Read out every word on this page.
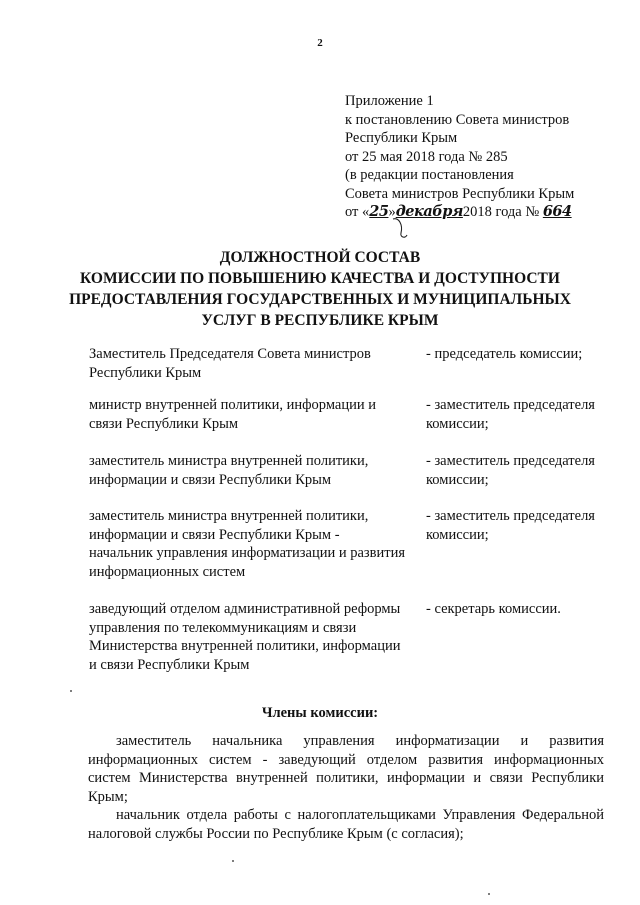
2
Приложение 1
к постановлению Совета министров
Республики Крым
от 25 мая 2018 года № 285
(в редакции постановления
Совета министров Республики Крым
от «25»декабря2018 года № 664
ДОЛЖНОСТНОЙ СОСТАВ
КОМИССИИ ПО ПОВЫШЕНИЮ КАЧЕСТВА И ДОСТУПНОСТИ
ПРЕДОСТАВЛЕНИЯ ГОСУДАРСТВЕННЫХ И МУНИЦИПАЛЬНЫХ
УСЛУГ В РЕСПУБЛИКЕ КРЫМ
Заместитель Председателя Совета министров
Республики Крым
- председатель комиссии;
министр внутренней политики, информации и
связи Республики Крым
- заместитель председателя
комиссии;
заместитель министра внутренней политики,
информации и связи Республики Крым
- заместитель председателя
комиссии;
заместитель министра внутренней политики,
информации и связи Республики Крым -
начальник управления информатизации и развития
информационных систем
- заместитель председателя
комиссии;
заведующий отделом административной реформы
управления по телекоммуникациям и связи
Министерства внутренней политики, информации
и связи Республики Крым
- секретарь комиссии.
Члены комиссии:
заместитель начальника управления информатизации и развития информационных систем - заведующий отделом развития информационных систем Министерства внутренней политики, информации и связи Республики Крым;
начальник отдела работы с налогоплательщиками Управления Федеральной налоговой службы России по Республике Крым (с согласия);
